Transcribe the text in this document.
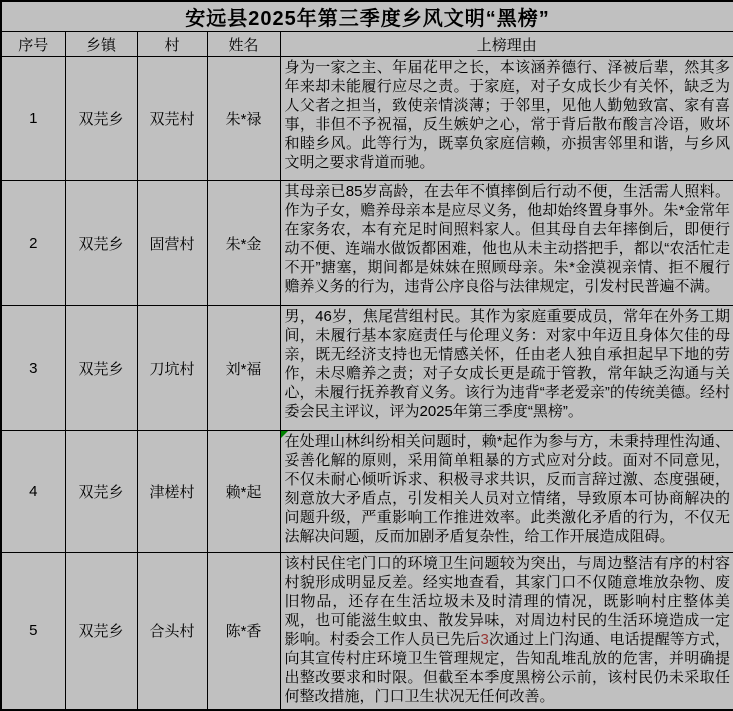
安远县2025年第三季度乡风文明“黑榜”				
序号	乡镇	村	姓名	上榜理由
1	双芫乡	双芫村	朱*禄	身为一家之主、年届花甲之长，本该涵养德行、泽被后辈，然其多年来却未能履行应尽之责。于家庭，对子女成长少有关怀，缺乏为人父者之担当，致使亲情淡薄；于邻里，见他人勤勉致富、家有喜事，非但不予祝福，反生嫉妒之心，常于背后散布酸言冷语，败坏和睦乡风。此等行为，既辜负家庭信赖，亦损害邻里和谐，与乡风文明之要求背道而驰。
2	双芫乡	固营村	朱*金	其母亲已85岁高龄，在去年不慎摔倒后行动不便，生活需人照料。作为子女，赡养母亲本是应尽义务，他却始终置身事外。朱*金常年在家务农，本有充足时间照料家人。但其母自去年摔倒后，即便行动不便、连端水做饭都困难，他也从未主动搭把手，都以“农活忙走不开”搪塞，期间都是妹妹在照顾母亲。朱*金漠视亲情、拒不履行赡养义务的行为，违背公序良俗与法律规定，引发村民普遍不满。
3	双芫乡	刀坑村	刘*福	男，46岁，焦尾营组村民。其作为家庭重要成员，常年在外务工期间，未履行基本家庭责任与伦理义务：对家中年迈且身体欠佳的母亲，既无经济支持也无情感关怀，任由老人独自承担起早下地的劳作，未尽赡养之责；对子女成长更是疏于管教，常年缺乏沟通与关心，未履行抚养教育义务。该行为违背“孝老爱亲”的传统美德。经村委会民主评议，评为2025年第三季度“黑榜”。
4	双芫乡	津槎村	赖*起	在处理山林纠纷相关问题时，赖*起作为参与方，未秉持理性沟通、妥善化解的原则，采用简单粗暴的方式应对分歧。面对不同意见，不仅未耐心倾听诉求、积极寻求共识，反而言辞过激、态度强硬，刻意放大矛盾点，引发相关人员对立情绪，导致原本可协商解决的问题升级，严重影响工作推进效率。此类激化矛盾的行为，不仅无法解决问题，反而加剧矛盾复杂性，给工作开展造成阻碍。
5	双芫乡	合头村	陈*香	该村民住宅门口的环境卫生问题较为突出，与周边整洁有序的村容村貌形成明显反差。经实地查看，其家门口不仅随意堆放杂物、废旧物品，还存在生活垃圾未及时清理的情况，既影响村庄整体美观，也可能滋生蚊虫、散发异味，对周边村民的生活环境造成一定影响。村委会工作人员已先后3次通过上门沟通、电话提醒等方式，向其宣传村庄环境卫生管理规定，告知乱堆乱放的危害，并明确提出整改要求和时限。但截至本季度黑榜公示前，该村民仍未采取任何整改措施，门口卫生状况无任何改善。
